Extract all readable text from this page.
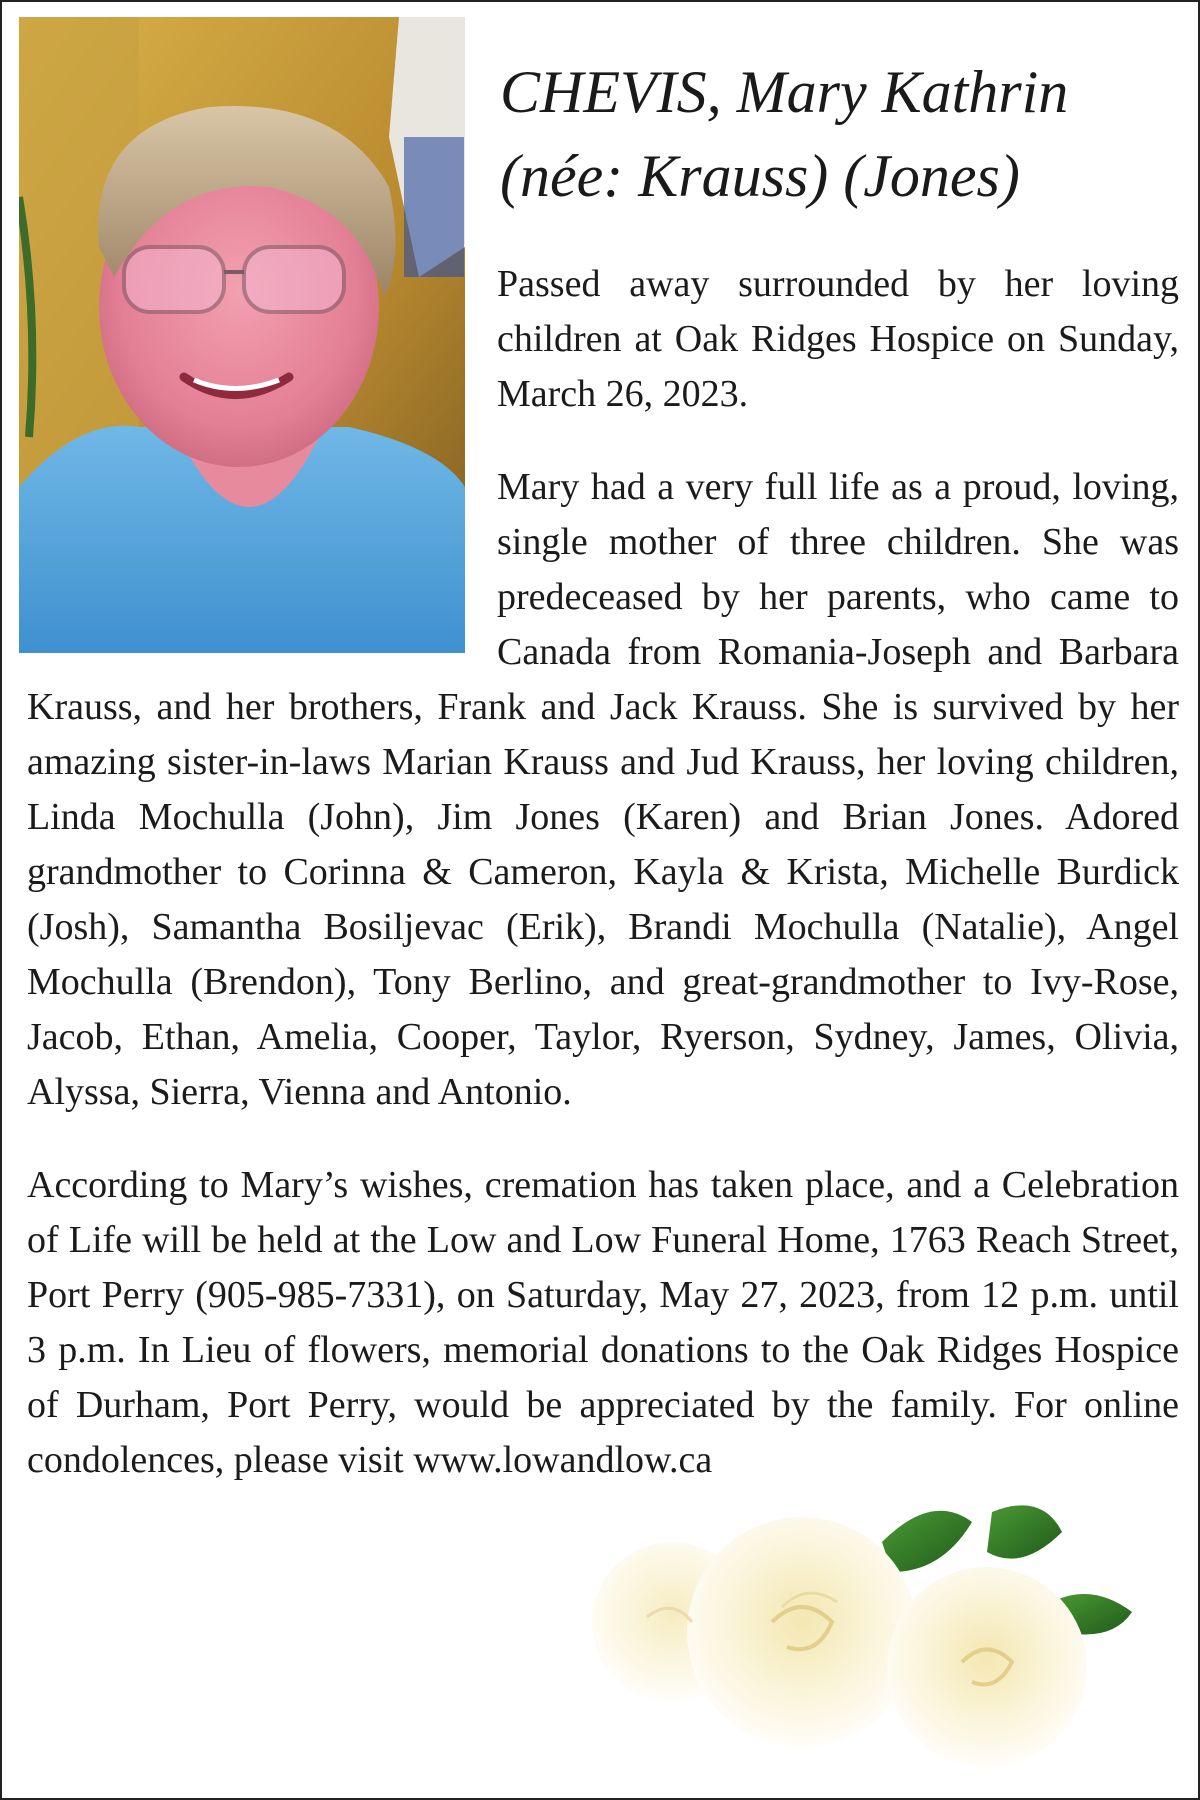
CHEVIS, Mary Kathrin
(née: Krauss) (Jones)

Passed away surrounded by her loving children at Oak Ridges Hospice on Sunday, March 26, 2023.

Mary had a very full life as a proud, loving, single mother of three children. She was predeceased by her parents, who came to Canada from Romania-Joseph and Barbara Krauss, and her brothers, Frank and Jack Krauss. She is survived by her amazing sister-in-laws Marian Krauss and Jud Krauss, her loving children, Linda Mochulla (John), Jim Jones (Karen) and Brian Jones. Adored grandmother to Corinna & Cameron, Kayla & Krista, Michelle Burdick (Josh), Samantha Bosiljevac (Erik), Brandi Mochulla (Natalie), Angel Mochulla (Brendon), Tony Berlino, and great-grandmother to Ivy-Rose, Jacob, Ethan, Amelia, Cooper, Taylor, Ryerson, Sydney, James, Olivia, Alyssa, Sierra, Vienna and Antonio.

According to Mary’s wishes, cremation has taken place, and a Celebration of Life will be held at the Low and Low Funeral Home, 1763 Reach Street, Port Perry (905-985-7331), on Saturday, May 27, 2023, from 12 p.m. until 3 p.m. In Lieu of flowers, memorial donations to the Oak Ridges Hospice of Durham, Port Perry, would be appreciated by the family. For online condolences, please visit www.lowandlow.ca
